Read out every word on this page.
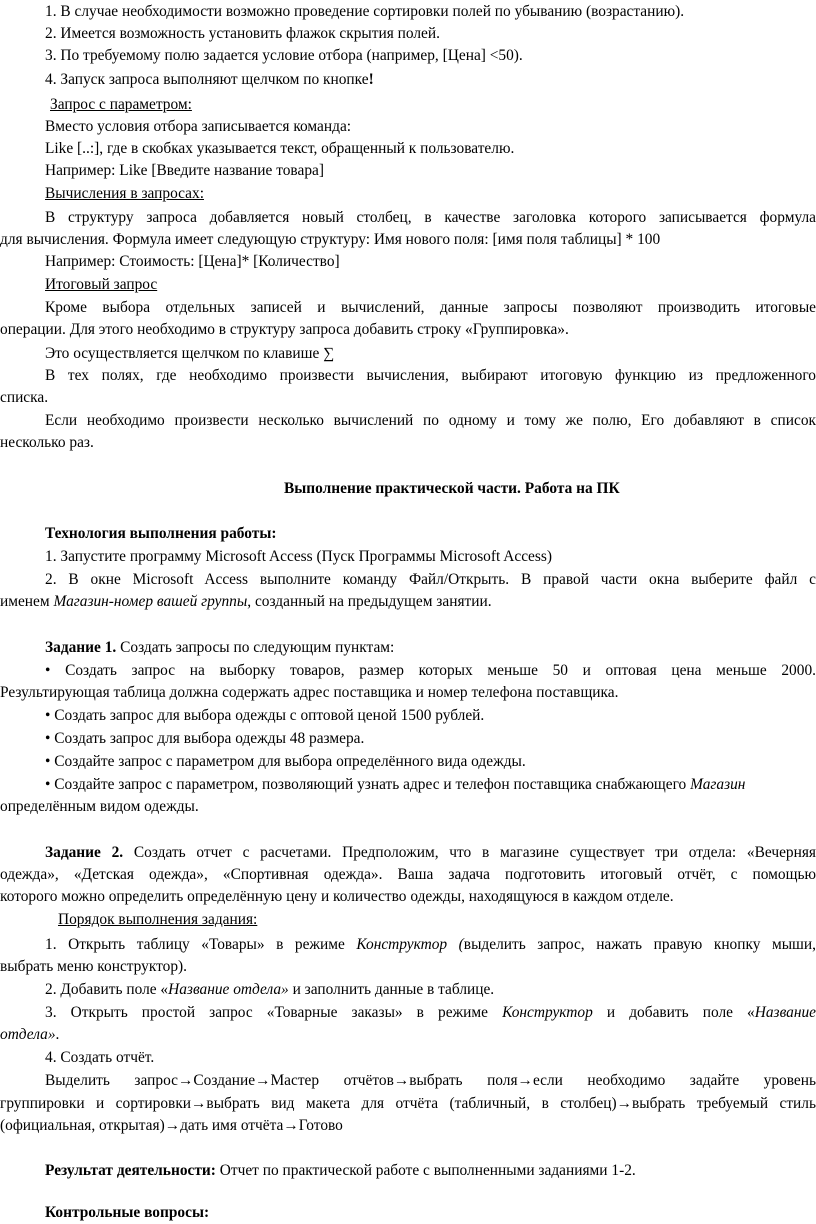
1. В случае необходимости возможно проведение сортировки полей по убыванию (возрастанию).
2. Имеется возможность установить флажок скрытия полей.
3. По требуемому полю задается условие отбора (например, [Цена] <50).
4. Запуск запроса выполняют щелчком по кнопке!
Запрос с параметром:
Вместо условия отбора записывается команда:
Like [..:], где в скобках указывается текст, обращенный к пользователю.
Например: Like [Введите название товара]
Вычисления в запросах:
В структуру запроса добавляется новый столбец, в качестве заголовка которого записывается формула
для вычисления. Формула имеет следующую структуру: Имя нового поля: [имя поля таблицы] * 100
Например: Стоимость: [Цена]* [Количество]
Итоговый запрос
Кроме выбора отдельных записей и вычислений, данные запросы позволяют производить итоговые
операции. Для этого необходимо в структуру запроса добавить строку «Группировка».
Это осуществляется щелчком по клавише ∑
В тех полях, где необходимо произвести вычисления, выбирают итоговую функцию из предложенного
списка.
Если необходимо произвести несколько вычислений по одному и тому же полю, Его добавляют в список
несколько раз.
Выполнение практической части. Работа на ПК
Технология выполнения работы:
1. Запустите программу Microsoft Access (Пуск Программы Microsoft Access)
2. В окне Microsoft Access выполните команду Файл/Открыть. В правой части окна выберите файл с
именем Магазин-номер вашей группы, созданный на предыдущем занятии.
Задание 1. Создать запросы по следующим пунктам:
• Создать запрос на выборку товаров, размер которых меньше 50 и оптовая цена меньше 2000.
Результирующая таблица должна содержать адрес поставщика и номер телефона поставщика.
• Создать запрос для выбора одежды с оптовой ценой 1500 рублей.
• Создать запрос для выбора одежды 48 размера.
• Создайте запрос с параметром для выбора определённого вида одежды.
• Создайте запрос с параметром, позволяющий узнать адрес и телефон поставщика снабжающего Магазин
определённым видом одежды.
Задание 2. Создать отчет с расчетами. Предположим, что в магазине существует три отдела: «Вечерняя
одежда», «Детская одежда», «Спортивная одежда». Ваша задача подготовить итоговый отчёт, с помощью
которого можно определить определённую цену и количество одежды, находящуюся в каждом отделе.
Порядок выполнения задания:
1. Открыть таблицу «Товары» в режиме Конструктор (выделить запрос, нажать правую кнопку мыши,
выбрать меню конструктор).
2. Добавить поле «Название отдела» и заполнить данные в таблице.
3. Открыть простой запрос «Товарные заказы» в режиме Конструктор и добавить поле «Название
отдела».
4. Создать отчёт.
Выделить запрос→Создание→Мастер отчётов→выбрать поля→если необходимо задайте уровень
группировки и сортировки→выбрать вид макета для отчёта (табличный, в столбец)→выбрать требуемый стиль
(официальная, открытая)→дать имя отчёта→Готово
Результат деятельности: Отчет по практической работе с выполненными заданиями 1-2.
Контрольные вопросы:
